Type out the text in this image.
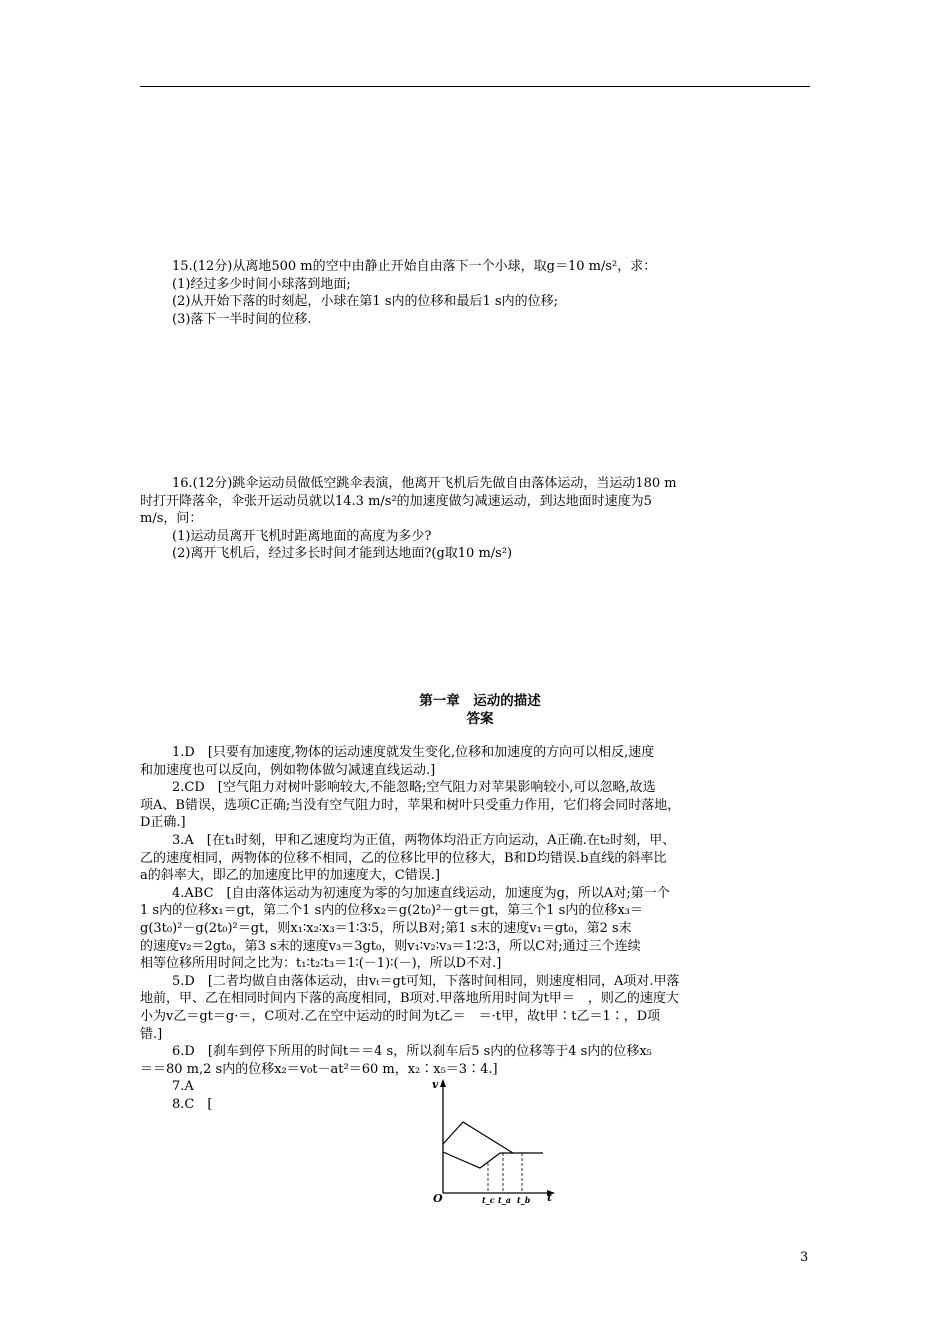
15.(12分)从离地500 m的空中由静止开始自由落下一个小球，取g＝10 m/s²，求：

(1)经过多少时间小球落到地面;

(2)从开始下落的时刻起，小球在第1 s内的位移和最后1 s内的位移;

(3)落下一半时间的位移.

16.(12分)跳伞运动员做低空跳伞表演，他离开飞机后先做自由落体运动，当运动180 m

时打开降落伞，伞张开运动员就以14.3 m/s²的加速度做匀减速运动，到达地面时速度为5

m/s，问：

(1)运动员离开飞机时距离地面的高度为多少?

(2)离开飞机后，经过多长时间才能到达地面?(g取10 m/s²)

第一章　运动的描述
答案

1.D　[只要有加速度,物体的运动速度就发生变化,位移和加速度的方向可以相反,速度

和加速度也可以反向，例如物体做匀减速直线运动.]

2.CD　[空气阻力对树叶影响较大,不能忽略;空气阻力对苹果影响较小,可以忽略,故选

项A、B错误，选项C正确;当没有空气阻力时，苹果和树叶只受重力作用，它们将会同时落地，

D正确.]

3.A　[在t₁时刻，甲和乙速度均为正值，两物体均沿正方向运动，A正确.在t₂时刻，甲、

乙的速度相同，两物体的位移不相同，乙的位移比甲的位移大，B和D均错误.b直线的斜率比

a的斜率大，即乙的加速度比甲的加速度大，C错误.]

4.ABC　[自由落体运动为初速度为零的匀加速直线运动，加速度为g，所以A对;第一个

1 s内的位移x₁＝gt，第二个1 s内的位移x₂＝g(2t₀)²－gt＝gt，第三个1 s内的位移x₃＝

g(3t₀)²－g(2t₀)²＝gt，则x₁∶x₂∶x₃＝1∶3∶5，所以B对;第1 s末的速度v₁＝gt₀，第2 s末

的速度v₂＝2gt₀，第3 s末的速度v₃＝3gt₀，则v₁∶v₂∶v₃＝1∶2∶3，所以C对;通过三个连续

相等位移所用时间之比为：t₁∶t₂∶t₃＝1∶(－1)∶(－)，所以D不对.]

5.D　[二者均做自由落体运动，由vₜ＝gt可知，下落时间相同，则速度相同，A项对.甲落

地前，甲、乙在相同时间内下落的高度相同，B项对.甲落地所用时间为t甲＝　，则乙的速度大

小为v乙＝gt＝g·＝，C项对.乙在空中运动的时间为t乙＝　＝·t甲，故t甲∶t乙＝1∶，D项

错.]

6.D　[刹车到停下所用的时间t＝＝4 s，所以刹车后5 s内的位移等于4 s内的位移x₅

＝＝80 m,2 s内的位移x₂＝v₀t－at²＝60 m，x₂∶x₅＝3∶4.]

7.A

8.C　[

v
O	t
t_c t_a t_b
3
